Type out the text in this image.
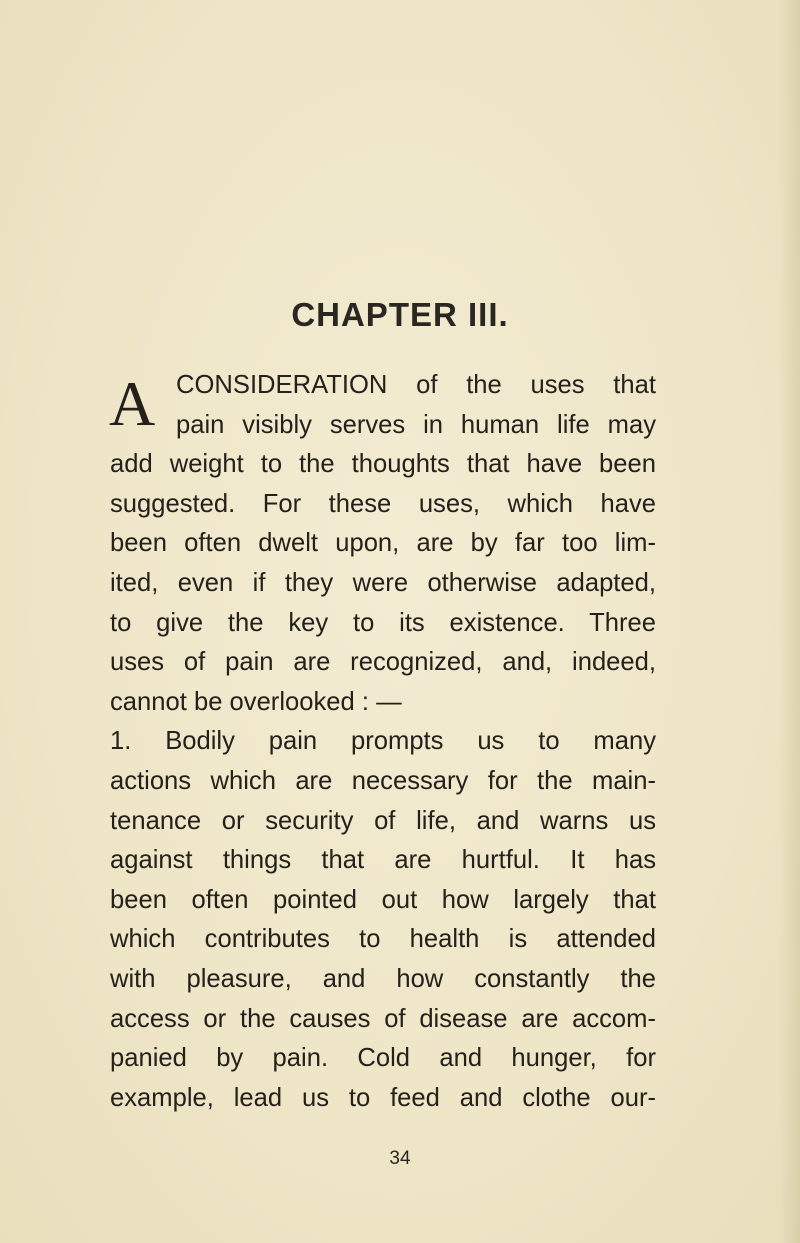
CHAPTER III.
A CONSIDERATION of the uses that
pain visibly serves in human life may
add weight to the thoughts that have been
suggested. For these uses, which have
been often dwelt upon, are by far too lim-
ited, even if they were otherwise adapted,
to give the key to its existence. Three
uses of pain are recognized, and, indeed,
cannot be overlooked : —
1. Bodily pain prompts us to many
actions which are necessary for the main-
tenance or security of life, and warns us
against things that are hurtful. It has
been often pointed out how largely that
which contributes to health is attended
with pleasure, and how constantly the
access or the causes of disease are accom-
panied by pain. Cold and hunger, for
example, lead us to feed and clothe our-
34
